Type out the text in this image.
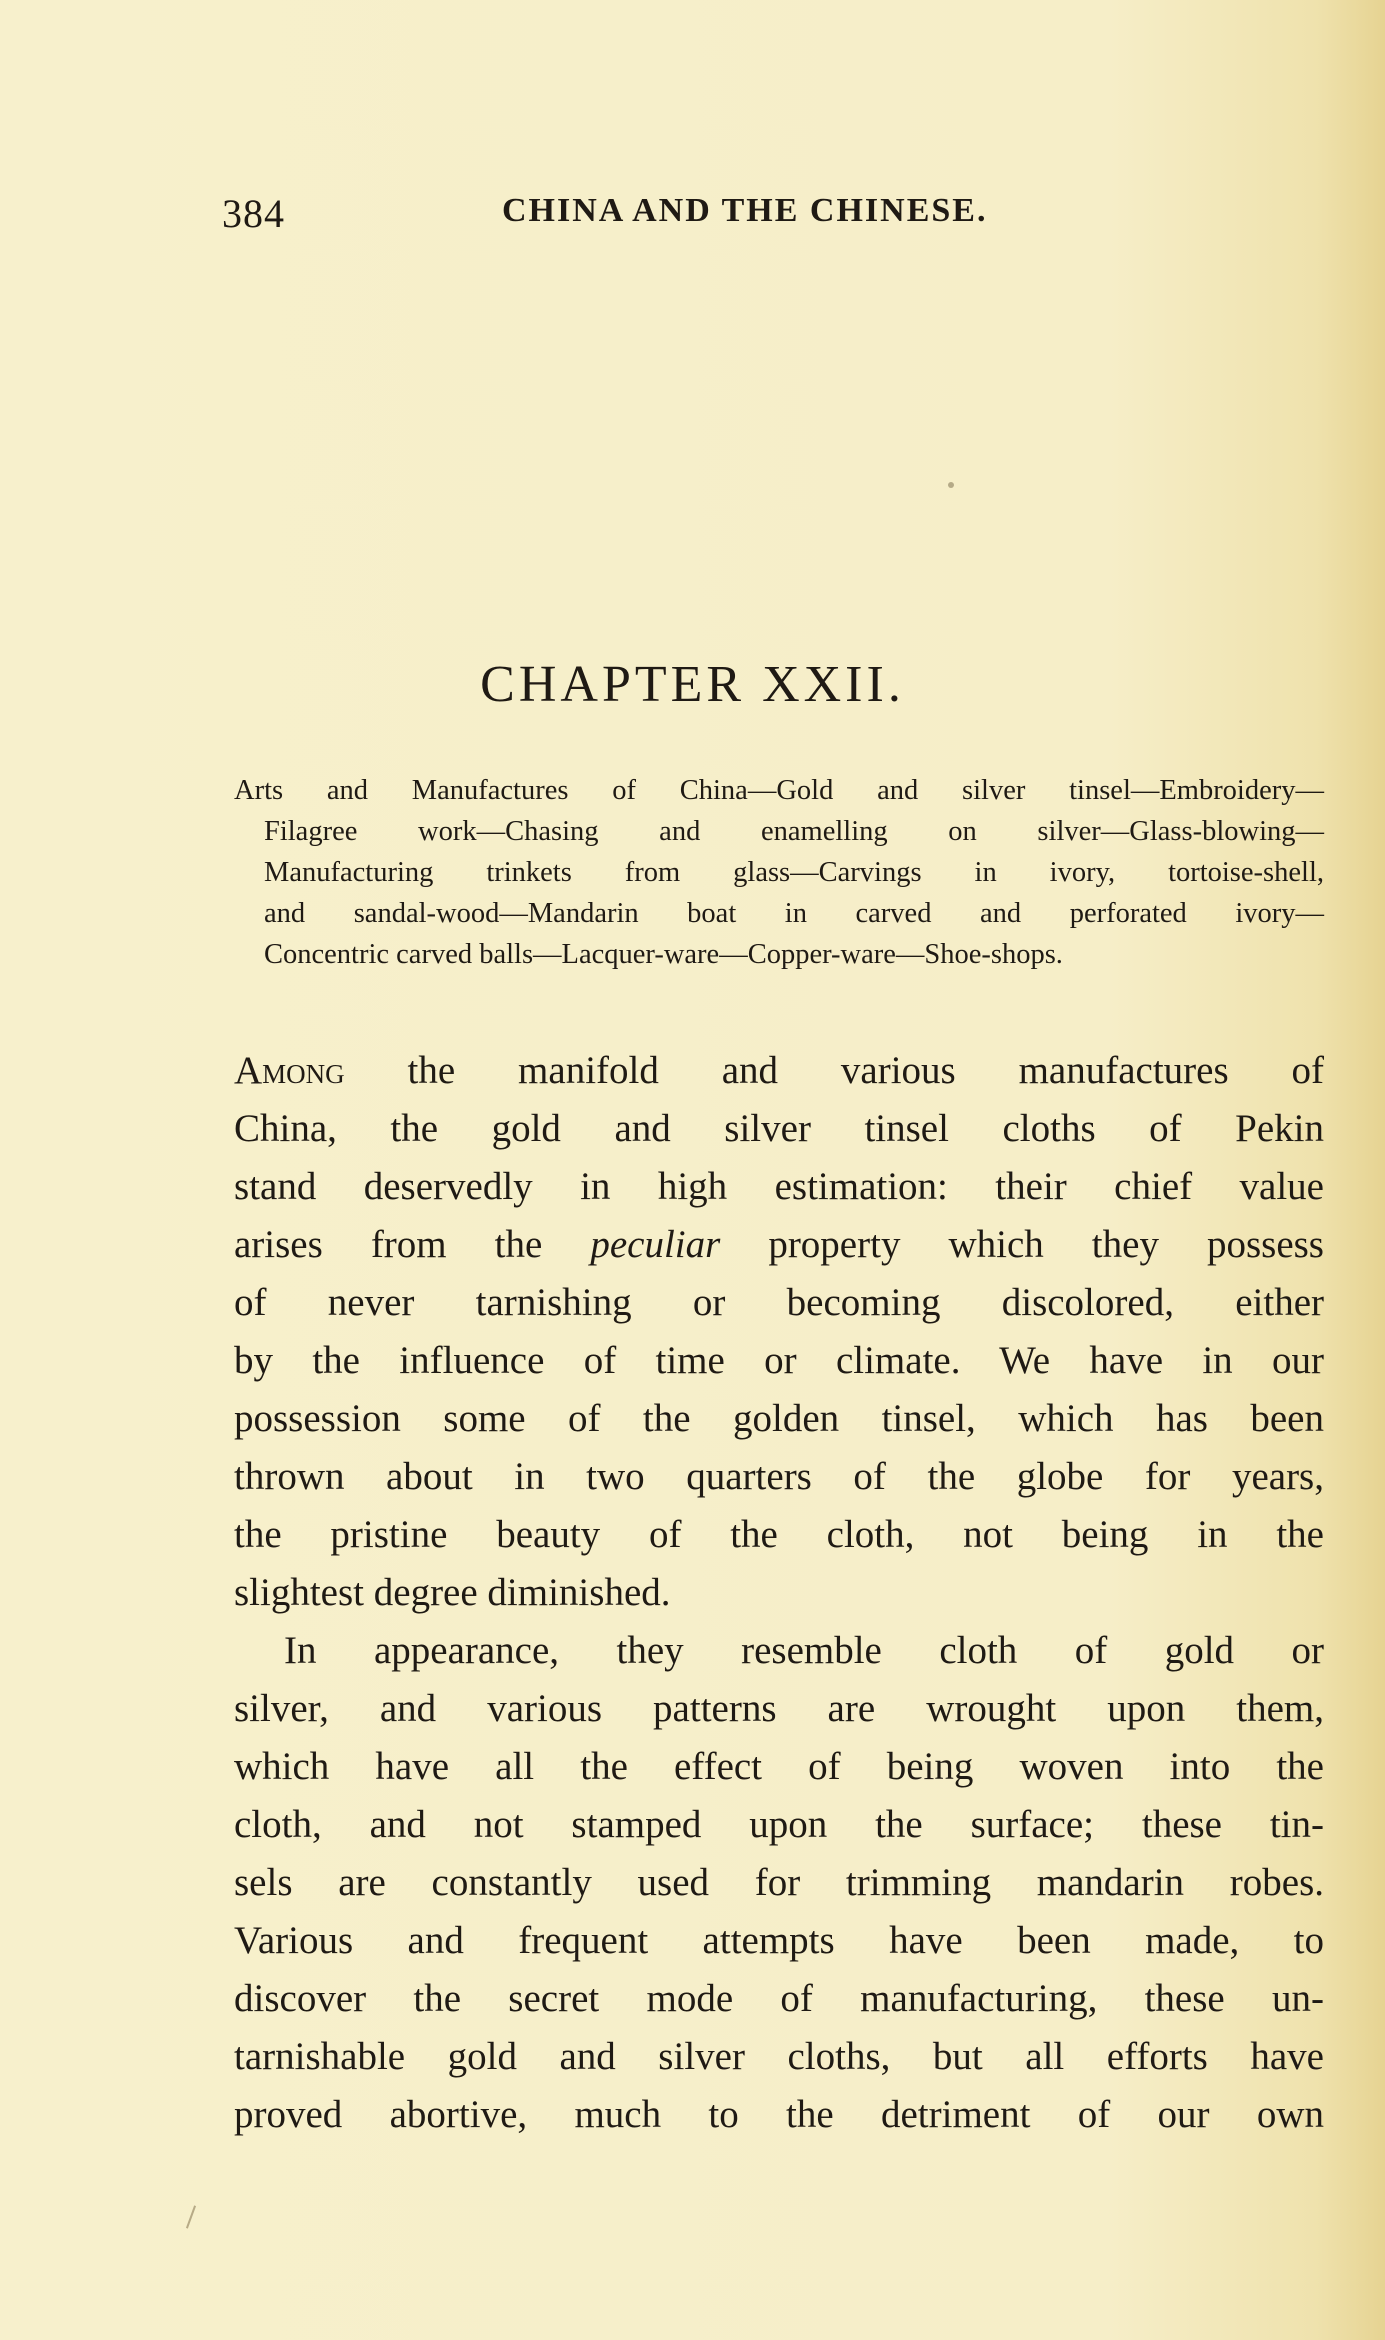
384	CHINA AND THE CHINESE.
CHAPTER XXII.
Arts and Manufactures of China—Gold and silver tinsel—Embroidery—
Filagree work—Chasing and enamelling on silver—Glass-blowing—
Manufacturing trinkets from glass—Carvings in ivory, tortoise-shell,
and sandal-wood—Mandarin boat in carved and perforated ivory—
Concentric carved balls—Lacquer-ware—Copper-ware—Shoe-shops.
Among the manifold and various manufactures of
China, the gold and silver tinsel cloths of Pekin
stand deservedly in high estimation: their chief value
arises from the peculiar property which they possess
of never tarnishing or becoming discolored, either
by the influence of time or climate. We have in our
possession some of the golden tinsel, which has been
thrown about in two quarters of the globe for years,
the pristine beauty of the cloth, not being in the
slightest degree diminished.
In appearance, they resemble cloth of gold or
silver, and various patterns are wrought upon them,
which have all the effect of being woven into the
cloth, and not stamped upon the surface; these tin-
sels are constantly used for trimming mandarin robes.
Various and frequent attempts have been made, to
discover the secret mode of manufacturing, these un-
tarnishable gold and silver cloths, but all efforts have
proved abortive, much to the detriment of our own
